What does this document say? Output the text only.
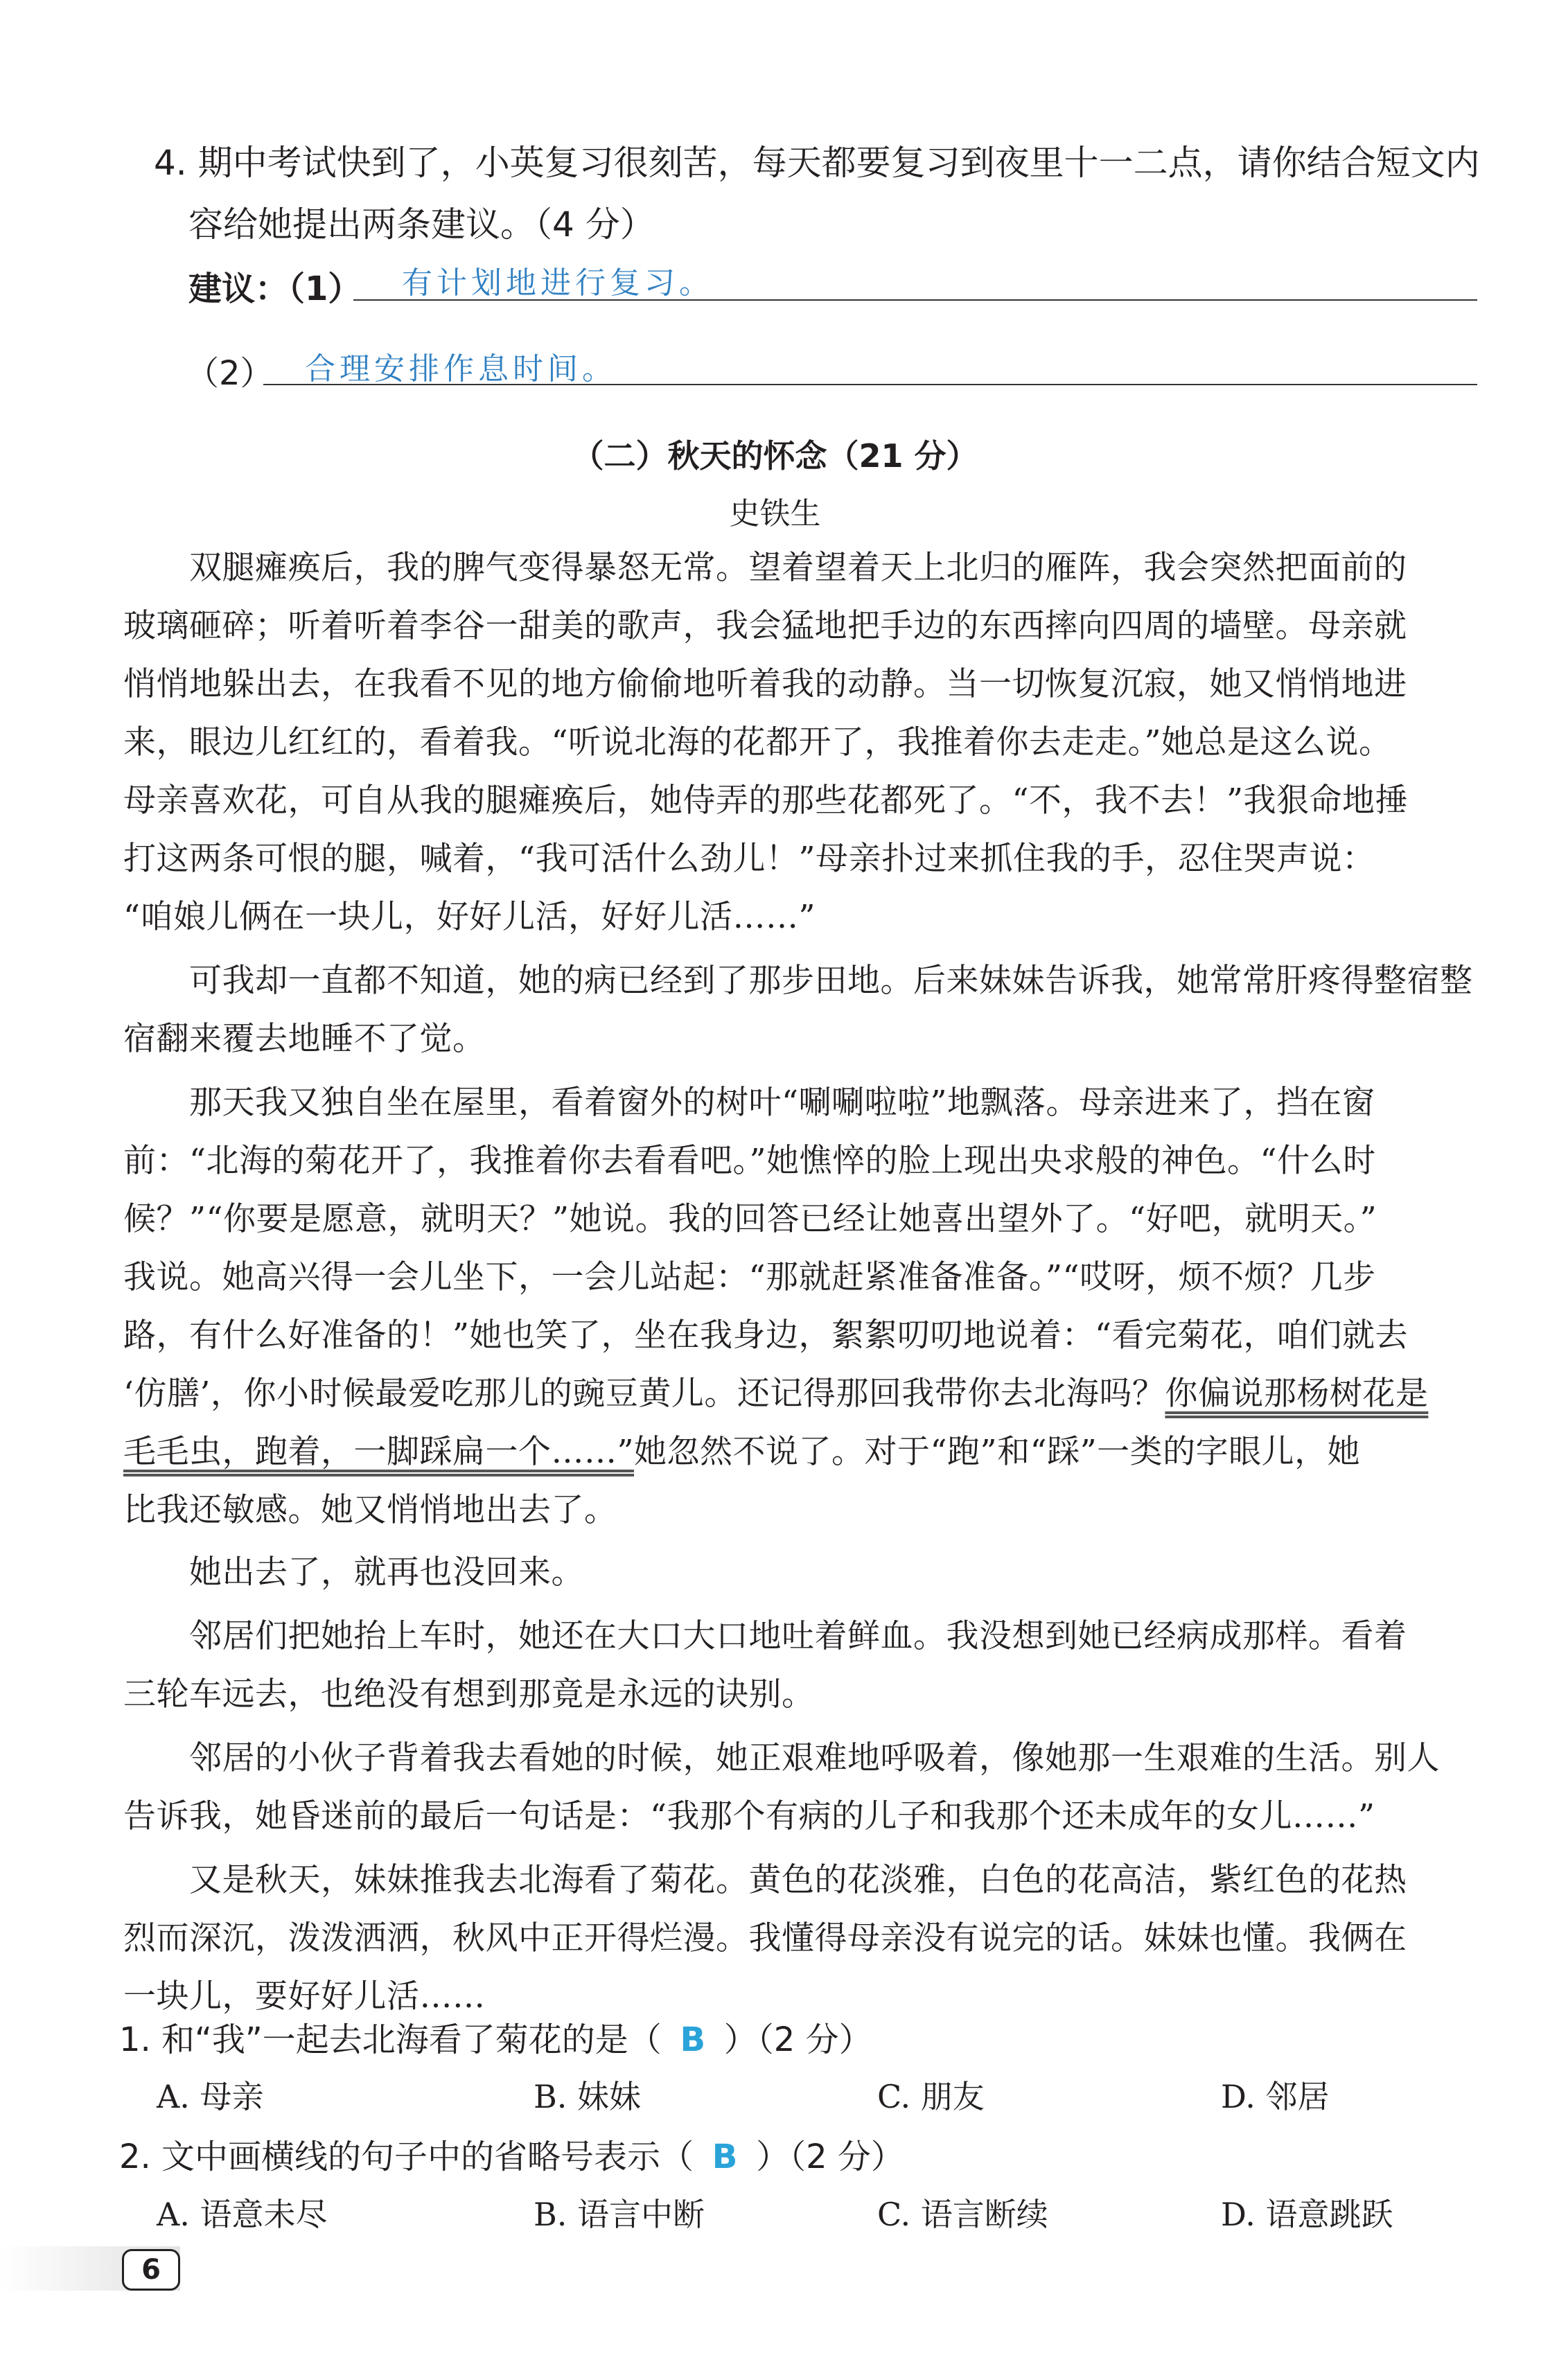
4. 期中考试快到了，小英复习很刻苦，每天都要复习到夜里十一二点，请你结合短文内
容给她提出两条建议。（4 分）
建议：（1） 有计划地进行复习。
（2） 合理安排作息时间。
（二）秋天的怀念（21 分）
史铁生
　　双腿瘫痪后，我的脾气变得暴怒无常。望着望着天上北归的雁阵，我会突然把面前的
玻璃砸碎；听着听着李谷一甜美的歌声，我会猛地把手边的东西摔向四周的墙壁。母亲就
悄悄地躲出去，在我看不见的地方偷偷地听着我的动静。当一切恢复沉寂，她又悄悄地进
来，眼边儿红红的，看着我。“听说北海的花都开了，我推着你去走走。”她总是这么说。
母亲喜欢花，可自从我的腿瘫痪后，她侍弄的那些花都死了。“不，我不去！”我狠命地捶
打这两条可恨的腿，喊着，“我可活什么劲儿！”母亲扑过来抓住我的手，忍住哭声说：
“咱娘儿俩在一块儿，好好儿活，好好儿活……”
　　可我却一直都不知道，她的病已经到了那步田地。后来妹妹告诉我，她常常肝疼得整宿整
宿翻来覆去地睡不了觉。
　　那天我又独自坐在屋里，看着窗外的树叶“唰唰啦啦”地飘落。母亲进来了，挡在窗
前：“北海的菊花开了，我推着你去看看吧。”她憔悴的脸上现出央求般的神色。“什么时
候？”“你要是愿意，就明天？”她说。我的回答已经让她喜出望外了。“好吧，就明天。”
我说。她高兴得一会儿坐下，一会儿站起：“那就赶紧准备准备。”“哎呀，烦不烦？几步
路，有什么好准备的！”她也笑了，坐在我身边，絮絮叨叨地说着：“看完菊花，咱们就去
‘仿膳’，你小时候最爱吃那儿的豌豆黄儿。还记得那回我带你去北海吗？你偏说那杨树花是
毛毛虫，跑着，一脚踩扁一个……”她忽然不说了。对于“跑”和“踩”一类的字眼儿，她
比我还敏感。她又悄悄地出去了。
　　她出去了，就再也没回来。
　　邻居们把她抬上车时，她还在大口大口地吐着鲜血。我没想到她已经病成那样。看着
三轮车远去，也绝没有想到那竟是永远的诀别。
　　邻居的小伙子背着我去看她的时候，她正艰难地呼吸着，像她那一生艰难的生活。别人
告诉我，她昏迷前的最后一句话是：“我那个有病的儿子和我那个还未成年的女儿……”
　　又是秋天，妹妹推我去北海看了菊花。黄色的花淡雅，白色的花高洁，紫红色的花热
烈而深沉，泼泼洒洒，秋风中正开得烂漫。我懂得母亲没有说完的话。妹妹也懂。我俩在
一块儿，要好好儿活……
1. 和“我”一起去北海看了菊花的是（ B ）（2 分）
A. 母亲	B. 妹妹	C. 朋友	D. 邻居
2. 文中画横线的句子中的省略号表示（ B ）（2 分）
A. 语意未尽	B. 语言中断	C. 语言断续	D. 语意跳跃
6
